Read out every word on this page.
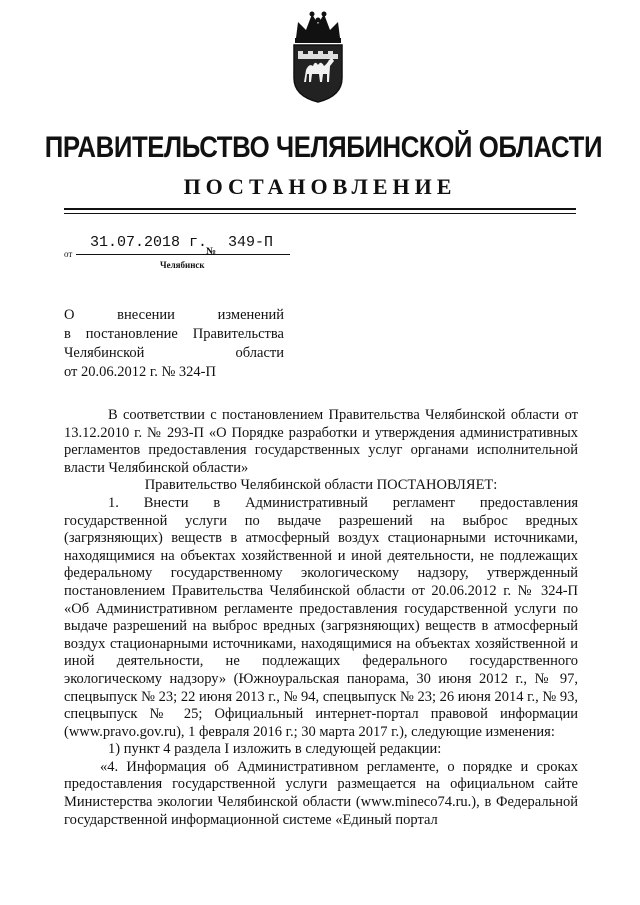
ПРАВИТЕЛЬСТВО ЧЕЛЯБИНСКОЙ ОБЛАСТИ
ПОСТАНОВЛЕНИЕ
от
31.07.2018 г.
№
349-П
Челябинск
О внесении изменений
в постановление Правительства
Челябинской области
от 20.06.2012 г. № 324-П

В соответствии с постановлением Правительства Челябинской области от 13.12.2010 г. № 293-П «О Порядке разработки и утверждения административных регламентов предоставления государственных услуг органами исполнительной власти Челябинской области»

Правительство Челябинской области ПОСТАНОВЛЯЕТ:

1. Внести в Административный регламент предоставления государственной услуги по выдаче разрешений на выброс вредных (загрязняющих) веществ в атмосферный воздух стационарными источниками, находящимися на объектах хозяйственной и иной деятельности, не подлежащих федеральному государственному экологическому надзору, утвержденный постановлением Правительства Челябинской области от 20.06.2012 г. № 324-П «Об Административном регламенте предоставления государственной услуги по выдаче разрешений на выброс вредных (загрязняющих) веществ в атмосферный воздух стационарными источниками, находящимися на объектах хозяйственной и иной деятельности, не подлежащих федерального государственного экологическому надзору» (Южноуральская панорама, 30 июня 2012 г., № 97, спецвыпуск № 23; 22 июня 2013 г., № 94, спецвыпуск № 23; 26 июня 2014 г., № 93, спецвыпуск № 25; Официальный интернет-портал правовой информации (www.pravo.gov.ru), 1 февраля 2016 г.; 30 марта 2017 г.), следующие изменения:

1) пункт 4 раздела I изложить в следующей редакции:

«4. Информация об Административном регламенте, о порядке и сроках предоставления государственной услуги размещается на официальном сайте Министерства экологии Челябинской области (www.mineco74.ru.), в Федеральной государственной информационной системе «Единый портал
